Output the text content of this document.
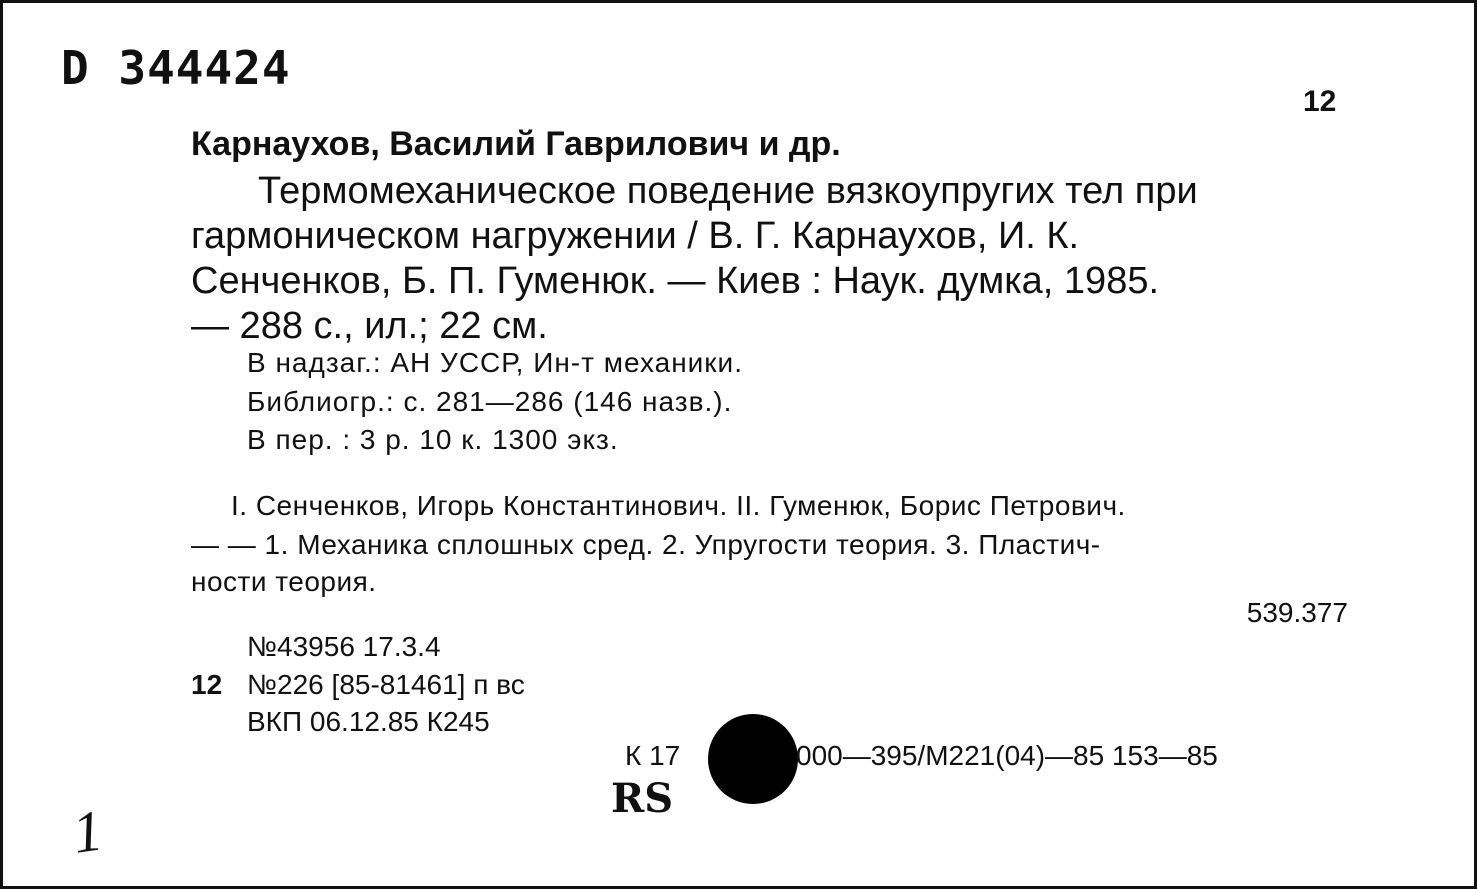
D 344424
12
Карнаухов, Василий Гаврилович и др.
Термомеханическое поведение вязкоупругих тел при
гармоническом нагружении / В. Г. Карнаухов, И. К.
Сенченков, Б. П. Гуменюк. — Киев : Наук. думка, 1985.
— 288 с., ил.; 22 см.
В надзаг.: АН УССР, Ин-т механики.
Библиогр.: с. 281—286 (146 назв.).
В пер. : 3 р. 10 к. 1300 экз.
I. Сенченков, Игорь Константинович. II. Гуменюк, Борис Петрович.
— — 1. Механика сплошных сред. 2. Упругости теория. 3. Пластич-
ности теория.
539.377
№43956 17.3.4
12 №226 [85-81461] п вс
ВКП 06.12.85 К245
К 17	000—395/М221(04)—85 153—85
RS
1
